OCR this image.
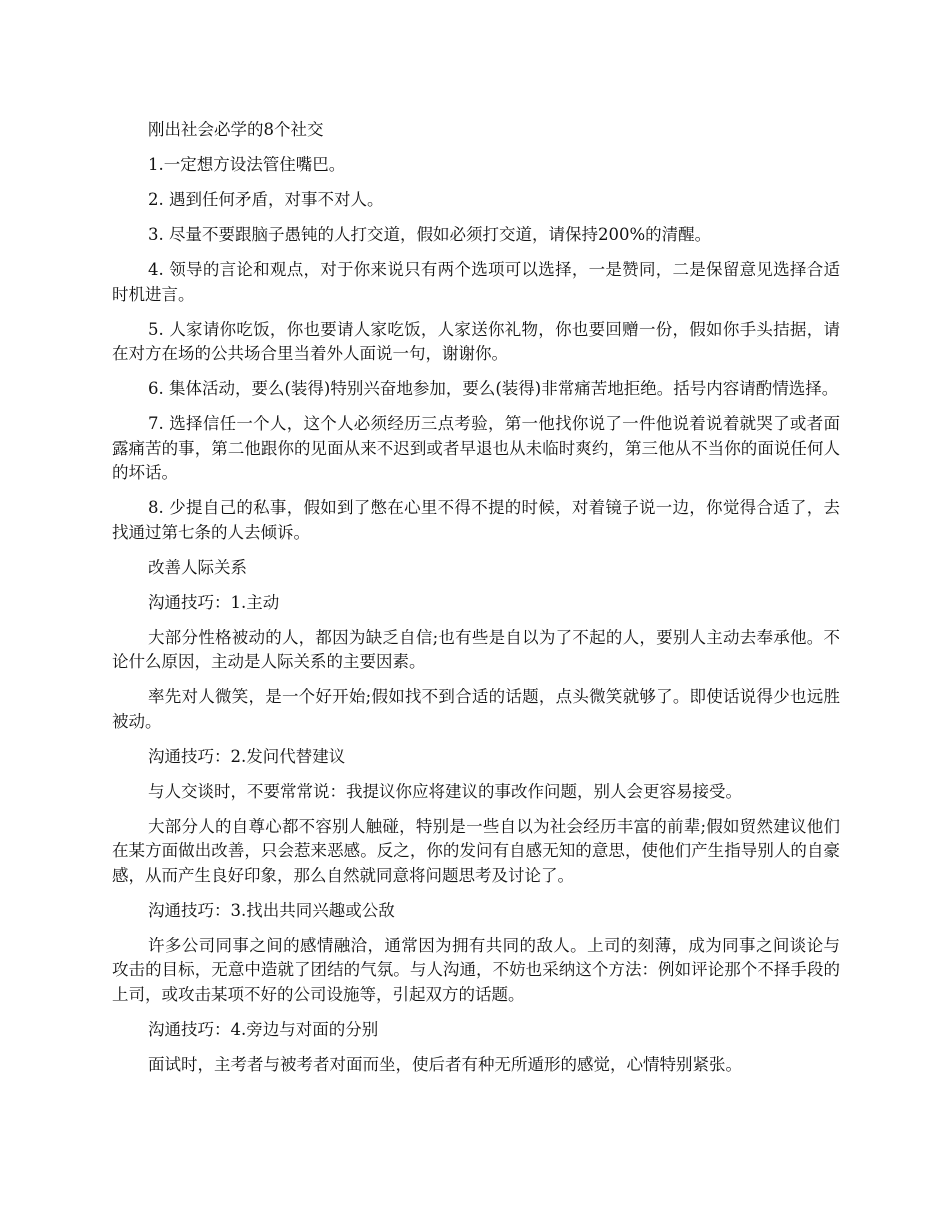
刚出社会必学的8个社交

1.一定想方设法管住嘴巴。

2. 遇到任何矛盾，对事不对人。

3. 尽量不要跟脑子愚钝的人打交道，假如必须打交道，请保持200%的清醒。

4. 领导的言论和观点，对于你来说只有两个选项可以选择，一是赞同，二是保留意见选择合适时机进言。

5. 人家请你吃饭，你也要请人家吃饭，人家送你礼物，你也要回赠一份，假如你手头拮据，请在对方在场的公共场合里当着外人面说一句，谢谢你。

6. 集体活动，要么(装得)特别兴奋地参加，要么(装得)非常痛苦地拒绝。括号内容请酌情选择。

7. 选择信任一个人，这个人必须经历三点考验，第一他找你说了一件他说着说着就哭了或者面露痛苦的事，第二他跟你的见面从来不迟到或者早退也从未临时爽约，第三他从不当你的面说任何人的坏话。

8. 少提自己的私事，假如到了憋在心里不得不提的时候，对着镜子说一边，你觉得合适了，去找通过第七条的人去倾诉。

改善人际关系

沟通技巧：1.主动

大部分性格被动的人，都因为缺乏自信;也有些是自以为了不起的人，要别人主动去奉承他。不论什么原因，主动是人际关系的主要因素。

率先对人微笑，是一个好开始;假如找不到合适的话题，点头微笑就够了。即使话说得少也远胜被动。

沟通技巧：2.发问代替建议

与人交谈时，不要常常说：我提议你应将建议的事改作问题，别人会更容易接受。

大部分人的自尊心都不容别人触碰，特别是一些自以为社会经历丰富的前辈;假如贸然建议他们在某方面做出改善，只会惹来恶感。反之，你的发问有自感无知的意思，使他们产生指导别人的自豪感，从而产生良好印象，那么自然就同意将问题思考及讨论了。

沟通技巧：3.找出共同兴趣或公敌

许多公司同事之间的感情融洽，通常因为拥有共同的敌人。上司的刻薄，成为同事之间谈论与攻击的目标，无意中造就了团结的气氛。与人沟通，不妨也采纳这个方法：例如评论那个不择手段的上司，或攻击某项不好的公司设施等，引起双方的话题。

沟通技巧：4.旁边与对面的分别

面试时，主考者与被考者对面而坐，使后者有种无所遁形的感觉，心情特别紧张。
